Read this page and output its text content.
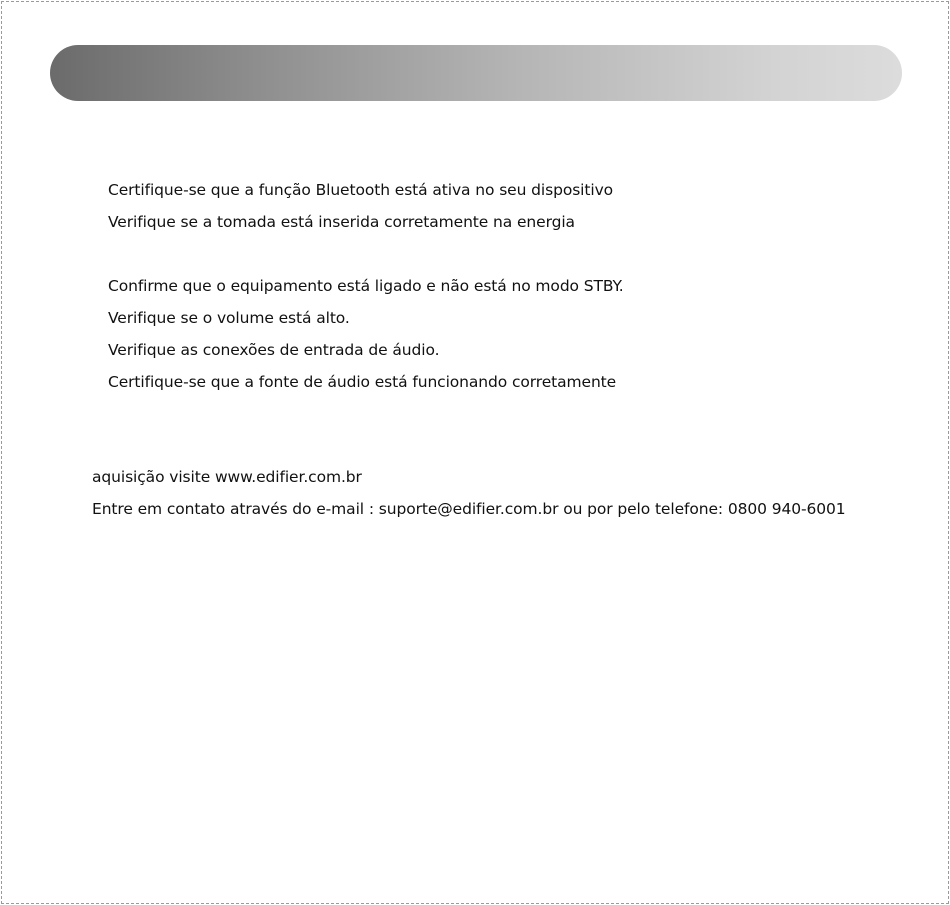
Certifique-se que a função Bluetooth está ativa no seu dispositivo
Verifique se a tomada está inserida corretamente na energia
Confirme que o equipamento está ligado e não está no modo STBY.
Verifique se o volume está alto.
Verifique as conexões de entrada de áudio.
Certifique-se que a fonte de áudio está funcionando corretamente
aquisição visite www.edifier.com.br
Entre em contato através do e-mail : suporte@edifier.com.br ou por pelo telefone: 0800 940-6001
